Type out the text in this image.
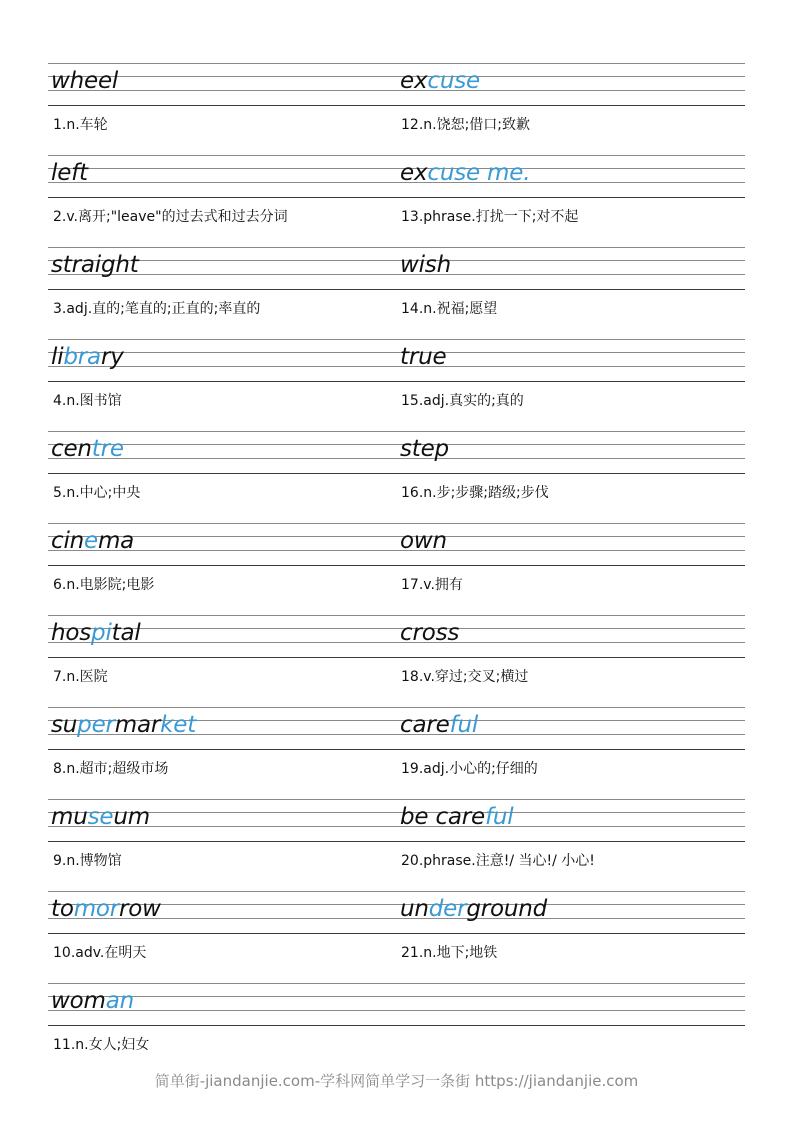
wheel
1.n.车轮
excuse
12.n.饶恕;借口;致歉
left
2.v.离开;"leave"的过去式和过去分词
excuse me.
13.phrase.打扰一下;对不起
straight
3.adj.直的;笔直的;正直的;率直的
wish
14.n.祝福;愿望
library
4.n.图书馆
true
15.adj.真实的;真的
centre
5.n.中心;中央
step
16.n.步;步骤;踏级;步伐
cinema
6.n.电影院;电影
own
17.v.拥有
hospital
7.n.医院
cross
18.v.穿过;交叉;横过
supermarket
8.n.超市;超级市场
careful
19.adj.小心的;仔细的
museum
9.n.博物馆
be careful
20.phrase.注意!/ 当心!/ 小心!
tomorrow
10.adv.在明天
underground
21.n.地下;地铁
woman
11.n.女人;妇女
简单街-jiandanjie.com-学科网简单学习一条街 https://jiandanjie.com
